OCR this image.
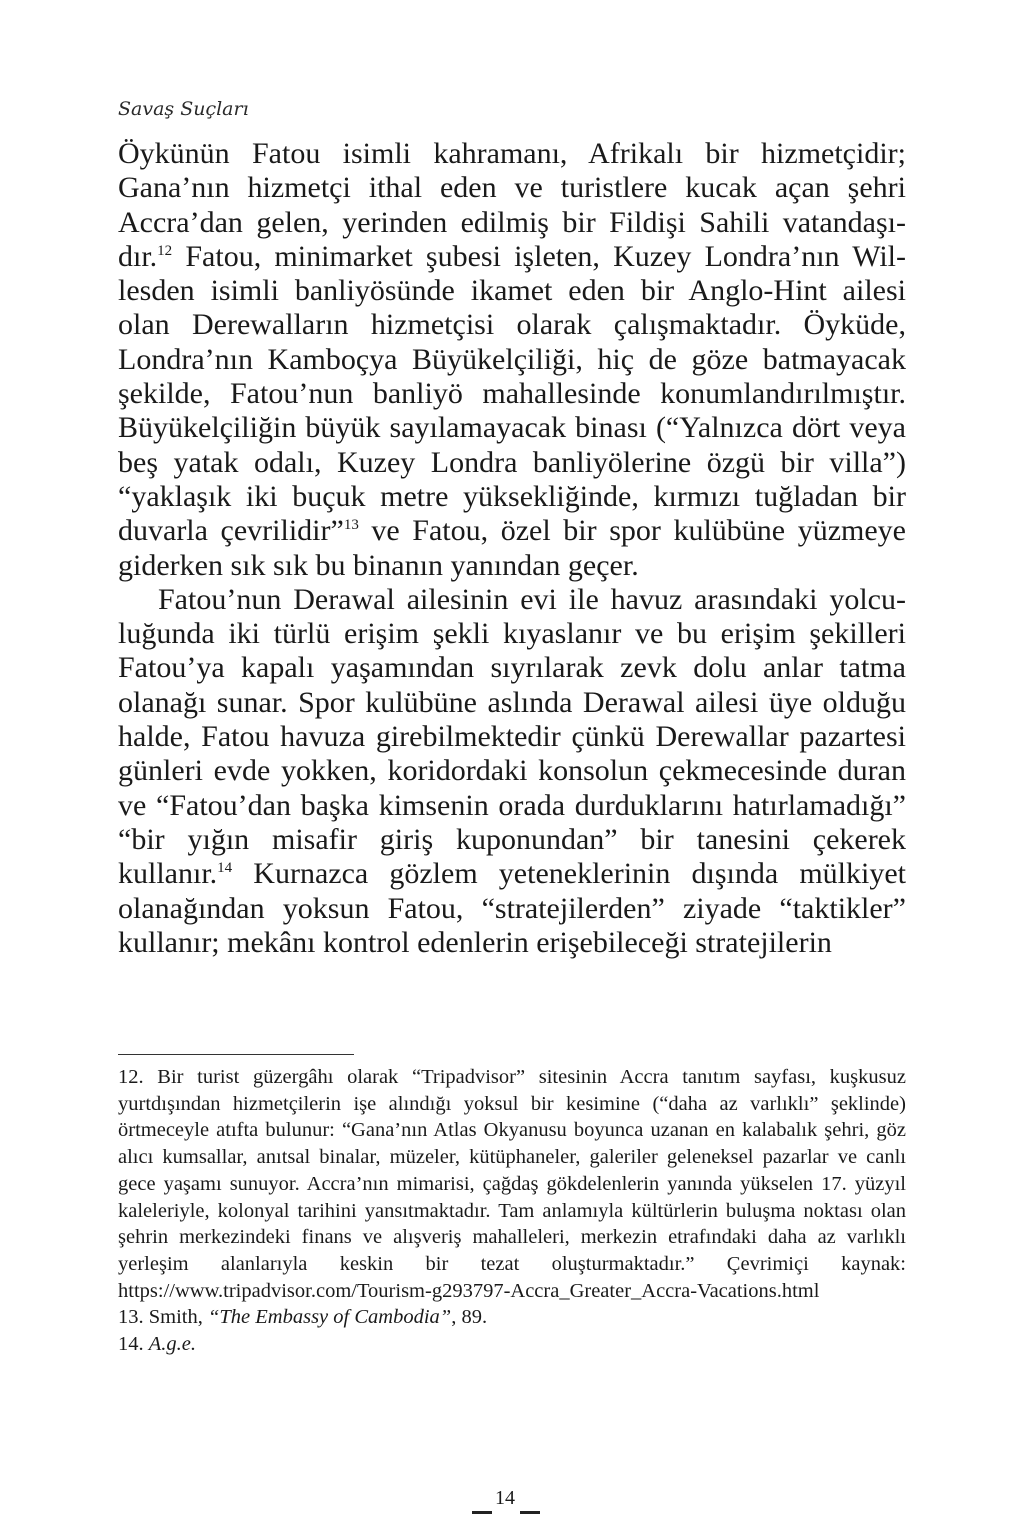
Savaş Suçları

Öykünün Fatou isimli kahramanı, Afrikalı bir hizmetçidir; Gana’nın hizmetçi ithal eden ve turistlere kucak açan şehri Accra’dan gelen, yerinden edilmiş bir Fildişi Sahili vatandaşıdır.$^{12}$ Fatou, minimarket şubesi işleten, Kuzey Londra’nın Willesden isimli banliyösünde ikamet eden bir Anglo-Hint ailesi olan Derewalların hizmetçisi olarak çalışmaktadır. Öyküde, Londra’nın Kamboçya Büyükelçiliği, hiç de göze batmayacak şekilde, Fatou’nun banliyö mahallesinde konumlandırılmıştır. Büyükelçiliğin büyük sayılamayacak binası (“Yalnızca dört veya beş yatak odalı, Kuzey Londra banliyölerine özgü bir villa”) “yaklaşık iki buçuk metre yüksekliğinde, kırmızı tuğladan bir duvarla çevrilidir”$^{13}$ ve Fatou, özel bir spor kulübüne yüzmeye giderken sık sık bu binanın yanından geçer.

Fatou’nun Derawal ailesinin evi ile havuz arasındaki yolculuğunda iki türlü erişim şekli kıyaslanır ve bu erişim şekilleri Fatou’ya kapalı yaşamından sıyrılarak zevk dolu anlar tatma olanağı sunar. Spor kulübüne aslında Derawal ailesi üye olduğu halde, Fatou havuza girebilmektedir çünkü Derewallar pazartesi günleri evde yokken, koridordaki konsolun çekmecesinde duran ve “Fatou’dan başka kimsenin orada durduklarını hatırlamadığı” “bir yığın misafir giriş kuponundan” bir tanesini çekerek kullanır.$^{14}$ Kurnazca gözlem yeteneklerinin dışında mülkiyet olanağından yoksun Fatou, “stratejilerden” ziyade “taktikler” kullanır; mekânı kontrol edenlerin erişebileceği stratejilerin

12. Bir turist güzergâhı olarak “Tripadvisor” sitesinin Accra tanıtım sayfası, kuşkusuz yurtdışından hizmetçilerin işe alındığı yoksul bir kesimine (“daha az varlıklı” şeklinde) örtmeceyle atıfta bulunur: “Gana’nın Atlas Okyanusu boyunca uzanan en kalabalık şehri, göz alıcı kumsallar, anıtsal binalar, müzeler, kütüphaneler, galeriler geleneksel pazarlar ve canlı gece yaşamı sunuyor. Accra’nın mimarisi, çağdaş gökdelenlerin yanında yükselen 17. yüzyıl kaleleriyle, kolonyal tarihini yansıtmaktadır. Tam anlamıyla kültürlerin buluşma noktası olan şehrin merkezindeki finans ve alışveriş mahalleleri, merkezin etrafındaki daha az varlıklı yerleşim alanlarıyla keskin bir tezat oluşturmaktadır.” Çevrimiçi kaynak: https://www.tripadvisor.com/Tourism-g293797-Accra_Greater_Accra-Vacations.html

13. Smith, “The Embassy of Cambodia”, 89.

14. A.g.e.

14
